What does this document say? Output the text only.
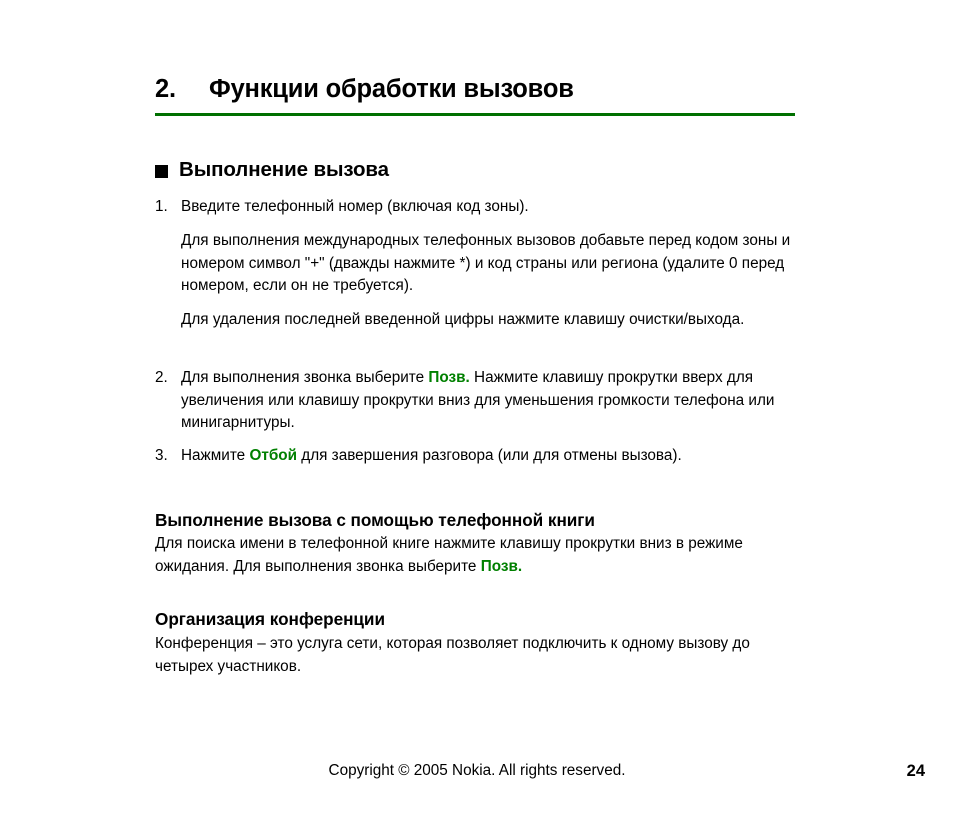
2.	Функции обработки вызовов
Выполнение вызова
1. Введите телефонный номер (включая код зоны).
Для выполнения международных телефонных вызовов добавьте перед кодом зоны и номером символ "+" (дважды нажмите *) и код страны или региона (удалите 0 перед номером, если он не требуется).
Для удаления последней введенной цифры нажмите клавишу очистки/выхода.
2. Для выполнения звонка выберите Позв. Нажмите клавишу прокрутки вверх для увеличения или клавишу прокрутки вниз для уменьшения громкости телефона или минигарнитуры.
3. Нажмите Отбой для завершения разговора (или для отмены вызова).
Выполнение вызова с помощью телефонной книги
Для поиска имени в телефонной книге нажмите клавишу прокрутки вниз в режиме ожидания. Для выполнения звонка выберите Позв.
Организация конференции
Конференция – это услуга сети, которая позволяет подключить к одному вызову до четырех участников.
Copyright © 2005 Nokia. All rights reserved.	24
